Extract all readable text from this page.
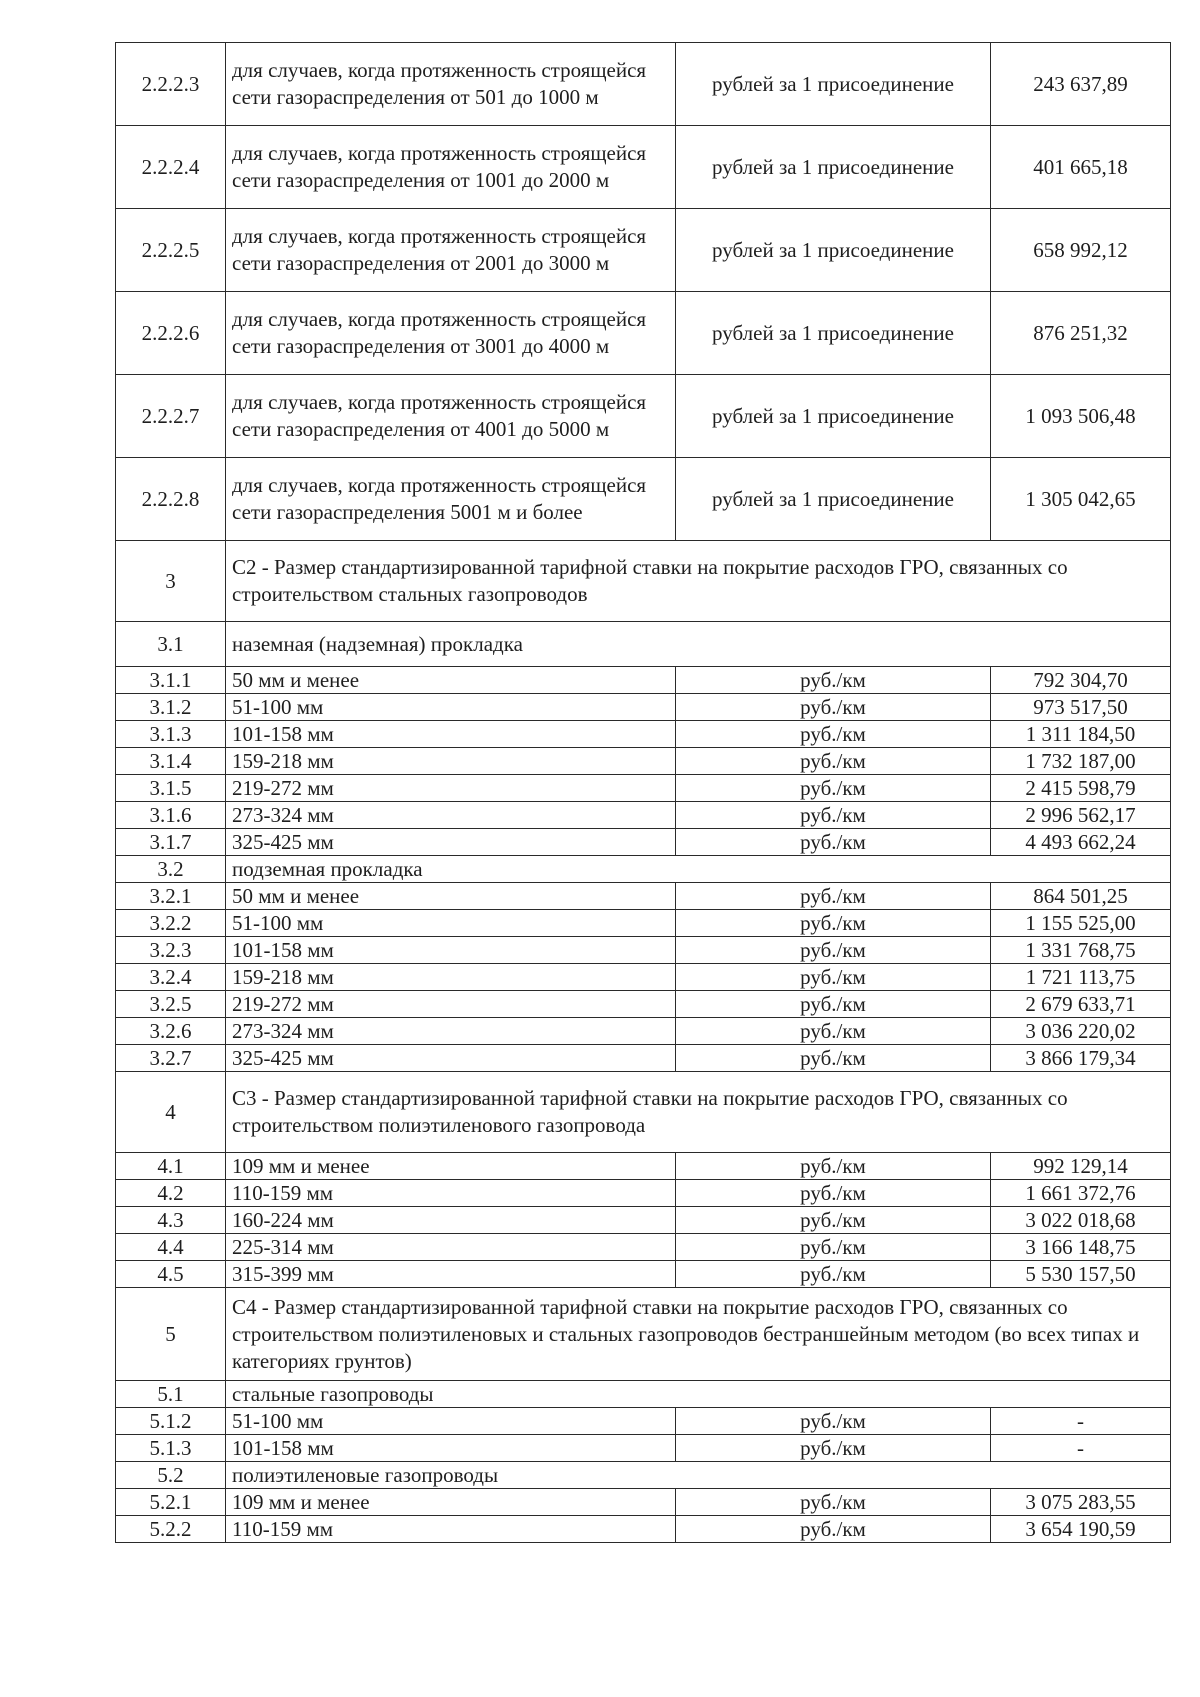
2.2.2.3	для случаев, когда протяженность строящейся сети газораспределения от 501 до 1000 м	рублей за 1 присоединение	243 637,89
2.2.2.4	для случаев, когда протяженность строящейся сети газораспределения от 1001 до 2000 м	рублей за 1 присоединение	401 665,18
2.2.2.5	для случаев, когда протяженность строящейся сети газораспределения от 2001 до 3000 м	рублей за 1 присоединение	658 992,12
2.2.2.6	для случаев, когда протяженность строящейся сети газораспределения от 3001 до 4000 м	рублей за 1 присоединение	876 251,32
2.2.2.7	для случаев, когда протяженность строящейся сети газораспределения от 4001 до 5000 м	рублей за 1 присоединение	1 093 506,48
2.2.2.8	для случаев, когда протяженность строящейся сети газораспределения 5001 м и более	рублей за 1 присоединение	1 305 042,65
3	С2 - Размер стандартизированной тарифной ставки на покрытие расходов ГРО, связанных со строительством стальных газопроводов		
3.1	наземная (надземная) прокладка		
3.1.1	50 мм и менее	руб./км	792 304,70
3.1.2	51-100 мм	руб./км	973 517,50
3.1.3	101-158 мм	руб./км	1 311 184,50
3.1.4	159-218 мм	руб./км	1 732 187,00
3.1.5	219-272 мм	руб./км	2 415 598,79
3.1.6	273-324 мм	руб./км	2 996 562,17
3.1.7	325-425 мм	руб./км	4 493 662,24
3.2	подземная прокладка		
3.2.1	50 мм и менее	руб./км	864 501,25
3.2.2	51-100 мм	руб./км	1 155 525,00
3.2.3	101-158 мм	руб./км	1 331 768,75
3.2.4	159-218 мм	руб./км	1 721 113,75
3.2.5	219-272 мм	руб./км	2 679 633,71
3.2.6	273-324 мм	руб./км	3 036 220,02
3.2.7	325-425 мм	руб./км	3 866 179,34
4	С3 - Размер стандартизированной тарифной ставки на покрытие расходов ГРО, связанных со строительством полиэтиленового газопровода		
4.1	109 мм и менее	руб./км	992 129,14
4.2	110-159 мм	руб./км	1 661 372,76
4.3	160-224 мм	руб./км	3 022 018,68
4.4	225-314 мм	руб./км	3 166 148,75
4.5	315-399 мм	руб./км	5 530 157,50
5	С4 - Размер стандартизированной тарифной ставки на покрытие расходов ГРО, связанных со строительством полиэтиленовых и стальных газопроводов бестраншейным методом (во всех типах и категориях грунтов)		
5.1	стальные газопроводы		
5.1.2	51-100 мм	руб./км	-
5.1.3	101-158 мм	руб./км	-
5.2	полиэтиленовые газопроводы		
5.2.1	109 мм и менее	руб./км	3 075 283,55
5.2.2	110-159 мм	руб./км	3 654 190,59
